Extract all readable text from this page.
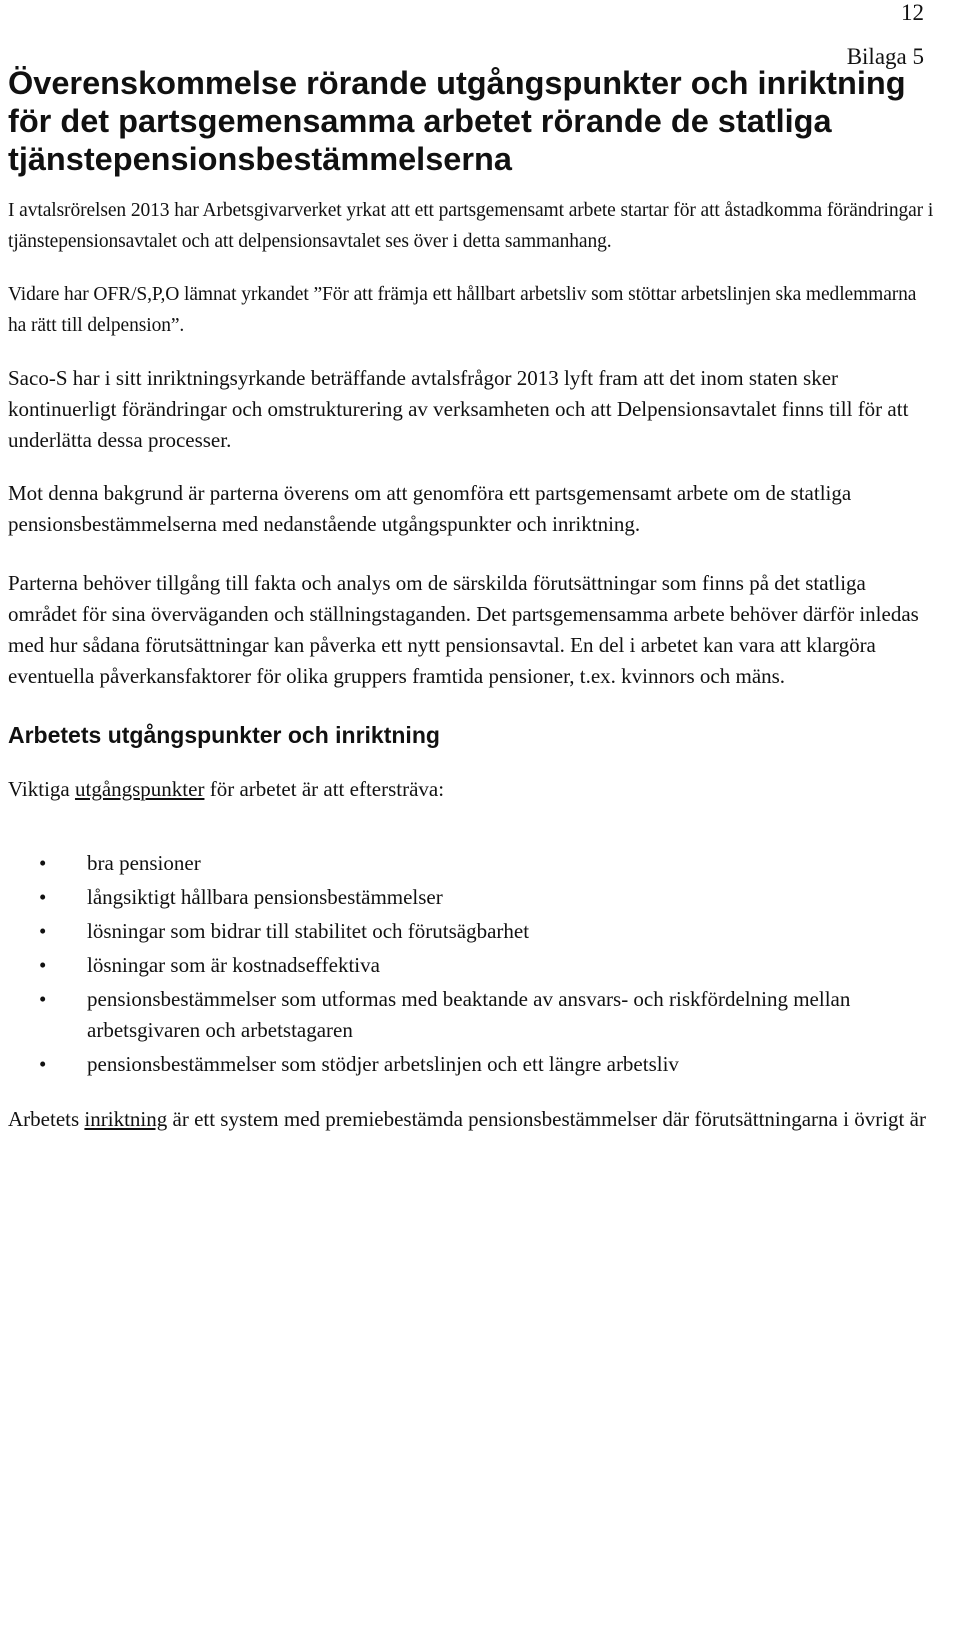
12
Bilaga 5
Överenskommelse rörande utgångspunkter och inriktning för det partsgemensamma arbetet rörande de statliga tjänstepensionsbestämmelserna

I avtalsrörelsen 2013 har Arbetsgivarverket yrkat att ett partsgemensamt arbete startar för att åstadkomma förändringar i tjänstepensionsavtalet och att delpensionsavtalet ses över i detta sammanhang.

Vidare har OFR/S,P,O lämnat yrkandet ”För att främja ett hållbart arbetsliv som stöttar arbetslinjen ska medlemmarna ha rätt till delpension”.

Saco-S har i sitt inriktningsyrkande beträffande avtalsfrågor 2013 lyft fram att det inom staten sker kontinuerligt förändringar och omstrukturering av verksamheten och att Delpensionsavtalet finns till för att underlätta dessa processer.

Mot denna bakgrund är parterna överens om att genomföra ett partsgemensamt arbete om de statliga pensionsbestämmelserna med nedanstående utgångspunkter och inriktning.

Parterna behöver tillgång till fakta och analys om de särskilda förutsättningar som finns på det statliga området för sina överväganden och ställningstaganden. Det partsgemensamma arbete behöver därför inledas med hur sådana förutsättningar kan påverka ett nytt pensionsavtal. En del i arbetet kan vara att klargöra eventuella påverkansfaktorer för olika gruppers framtida pensioner, t.ex. kvinnors och mäns.

Arbetets utgångspunkter och inriktning

Viktiga utgångspunkter för arbetet är att eftersträva:

• bra pensioner
• långsiktigt hållbara pensionsbestämmelser
• lösningar som bidrar till stabilitet och förutsägbarhet
• lösningar som är kostnadseffektiva
• pensionsbestämmelser som utformas med beaktande av ansvars- och riskfördelning mellan arbetsgivaren och arbetstagaren
• pensionsbestämmelser som stödjer arbetslinjen och ett längre arbetsliv

Arbetets inriktning är ett system med premiebestämda pensionsbestämmelser där förutsättningarna i övrigt är
